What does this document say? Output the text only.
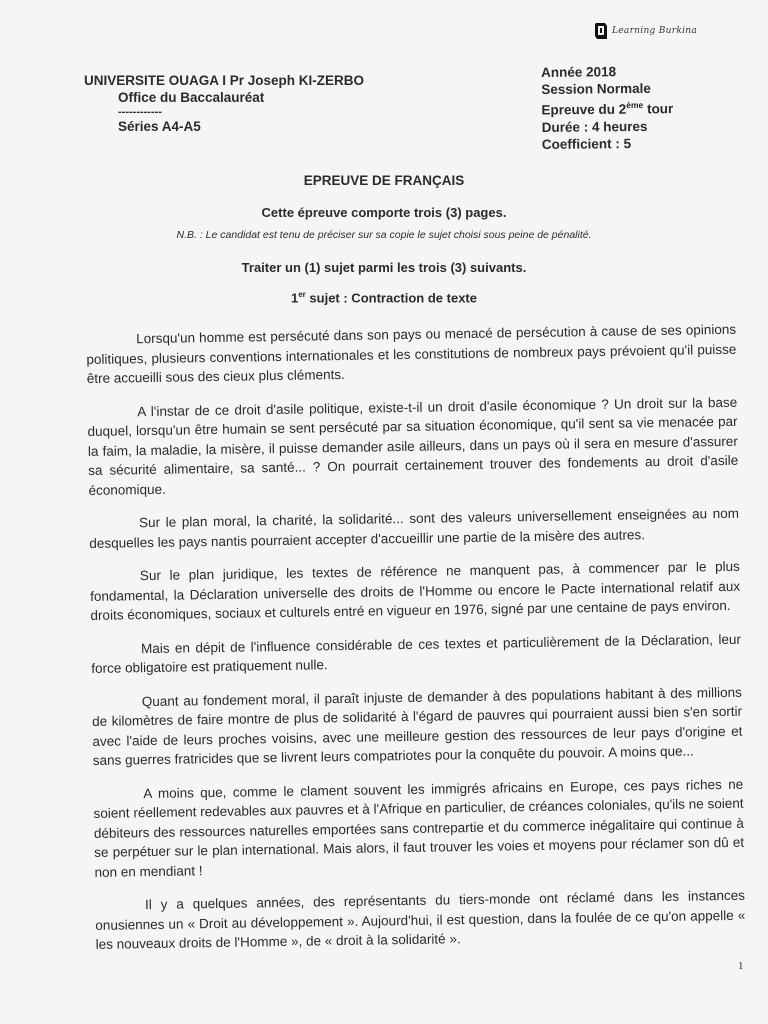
Learning Burkina
UNIVERSITE OUAGA I Pr Joseph KI-ZERBO
Office du Baccalauréat
------------
Séries A4-A5
Année 2018
Session Normale
Epreuve du 2ème tour
Durée : 4 heures
Coefficient : 5
EPREUVE DE FRANÇAIS
Cette épreuve comporte trois (3) pages.
N.B. : Le candidat est tenu de préciser sur sa copie le sujet choisi sous peine de pénalité.
Traiter un (1) sujet parmi les trois (3) suivants.
1er sujet : Contraction de texte

Lorsqu'un homme est persécuté dans son pays ou menacé de persécution à cause de ses opinions politiques, plusieurs conventions internationales et les constitutions de nombreux pays prévoient qu'il puisse être accueilli sous des cieux plus cléments.

A l'instar de ce droit d'asile politique, existe-t-il un droit d'asile économique ? Un droit sur la base duquel, lorsqu'un être humain se sent persécuté par sa situation économique, qu'il sent sa vie menacée par la faim, la maladie, la misère, il puisse demander asile ailleurs, dans un pays où il sera en mesure d'assurer sa sécurité alimentaire, sa santé... ? On pourrait certainement trouver des fondements au droit d'asile économique.

Sur le plan moral, la charité, la solidarité... sont des valeurs universellement enseignées au nom desquelles les pays nantis pourraient accepter d'accueillir une partie de la misère des autres.

Sur le plan juridique, les textes de référence ne manquent pas, à commencer par le plus fondamental, la Déclaration universelle des droits de l'Homme ou encore le Pacte international relatif aux droits économiques, sociaux et culturels entré en vigueur en 1976, signé par une centaine de pays environ.

Mais en dépit de l'influence considérable de ces textes et particulièrement de la Déclaration, leur force obligatoire est pratiquement nulle.

Quant au fondement moral, il paraît injuste de demander à des populations habitant à des millions de kilomètres de faire montre de plus de solidarité à l'égard de pauvres qui pourraient aussi bien s'en sortir avec l'aide de leurs proches voisins, avec une meilleure gestion des ressources de leur pays d'origine et sans guerres fratricides que se livrent leurs compatriotes pour la conquête du pouvoir. A moins que...

A moins que, comme le clament souvent les immigrés africains en Europe, ces pays riches ne soient réellement redevables aux pauvres et à l'Afrique en particulier, de créances coloniales, qu'ils ne soient débiteurs des ressources naturelles emportées sans contrepartie et du commerce inégalitaire qui continue à se perpétuer sur le plan international. Mais alors, il faut trouver les voies et moyens pour réclamer son dû et non en mendiant !

Il y a quelques années, des représentants du tiers-monde ont réclamé dans les instances onusiennes un « Droit au développement ». Aujourd'hui, il est question, dans la foulée de ce qu'on appelle « les nouveaux droits de l'Homme », de « droit à la solidarité ».

1
